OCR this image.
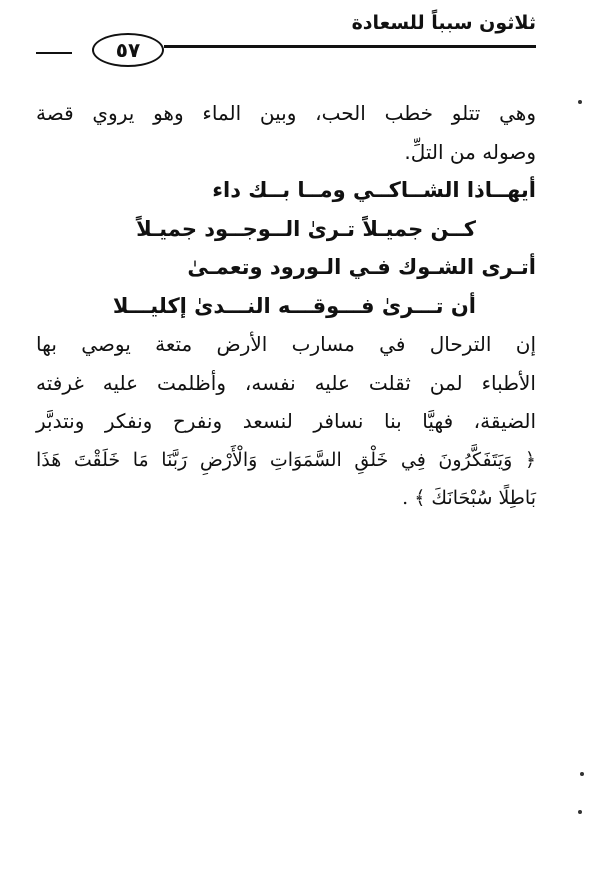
ثلاثون سبباً للسعادة
٥٧
وهي تتلو خطب الحب، وبين الماء وهو يروي قصة
وصوله من التلِّ.
أيهــاذا الشــاكــي ومــا بــك داء
كــن جميـلاً تـرىٰ الــوجــود جميـلاً
أتـرى الشـوك فـي الـورود وتعمـىٰ
أن تـــرىٰ فـــوقـــه النـــدىٰ إكليـــلا
إن الترحال في مسارب الأرض متعة يوصي بها
الأطباء لمن ثقلت عليه نفسه، وأظلمت عليه غرفته
الضيقة، فهيَّا بنا نسافر لنسعد ونفرح ونفكر ونتدبَّر
﴿ وَيَتَفَكَّرُونَ فِي خَلْقِ السَّمَوَاتِ وَالْأَرْضِ رَبَّنَا مَا خَلَقْتَ هَذَا
بَاطِلًا سُبْحَانَكَ ﴾ .
